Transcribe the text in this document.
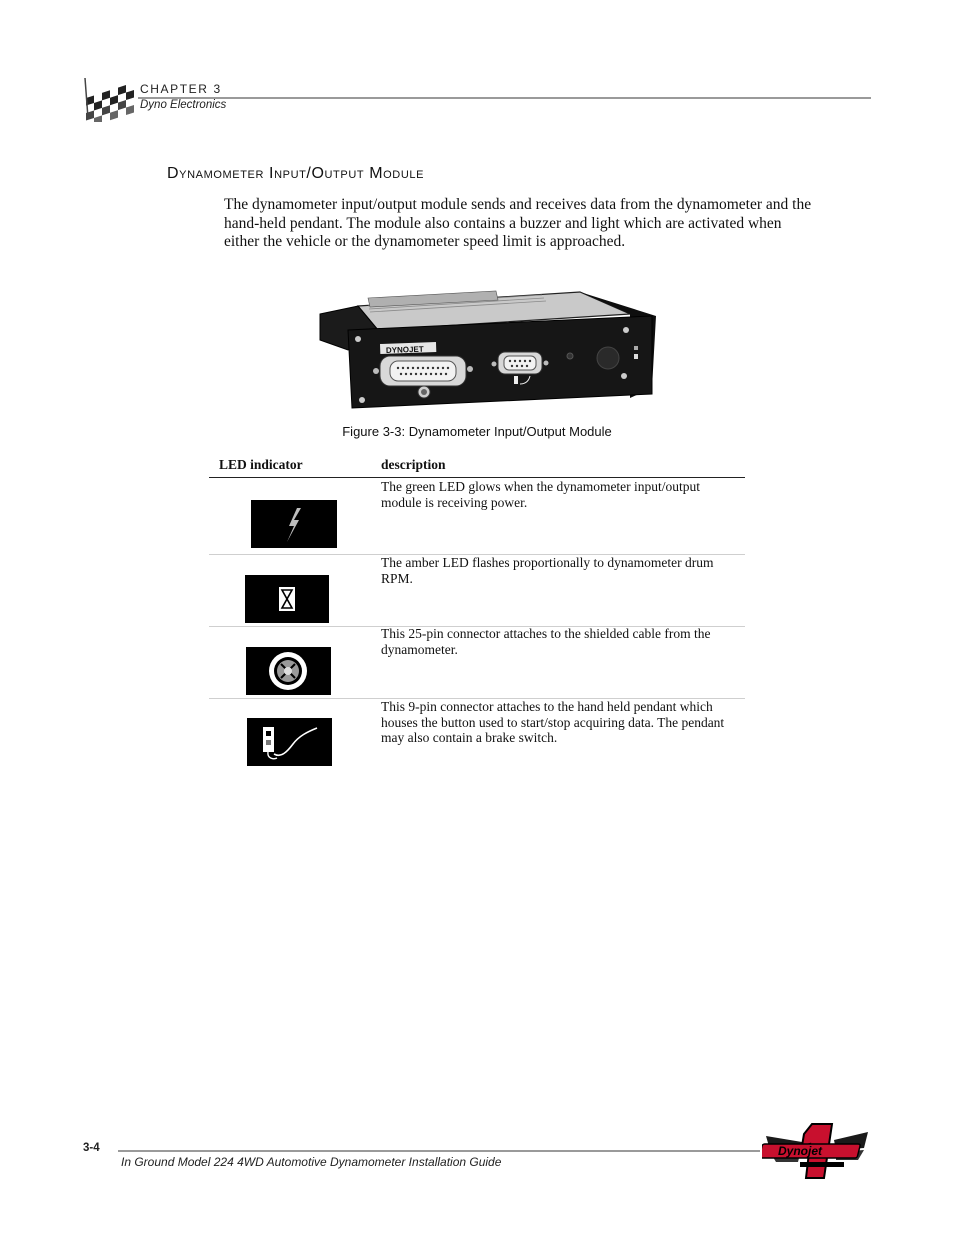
CHAPTER 3
Dyno Electronics
Dynamometer Input/Output Module
The dynamometer input/output module sends and receives data from the dynamometer and the hand-held pendant. The module also contains a buzzer and light which are activated when either the vehicle or the dynamometer speed limit is approached.
DYNOJET
Figure 3-3: Dynamometer Input/Output Module
LED indicator	description
The green LED glows when the dynamometer input/output module is receiving power.
The amber LED flashes proportionally to dynamometer drum RPM.
This 25-pin connector attaches to the shielded cable from the dynamometer.
This 9-pin connector attaches to the hand held pendant which houses the button used to start/stop acquiring data. The pendant may also contain a brake switch.
3-4
In Ground Model 224 4WD Automotive Dynamometer Installation Guide
Dynojet
